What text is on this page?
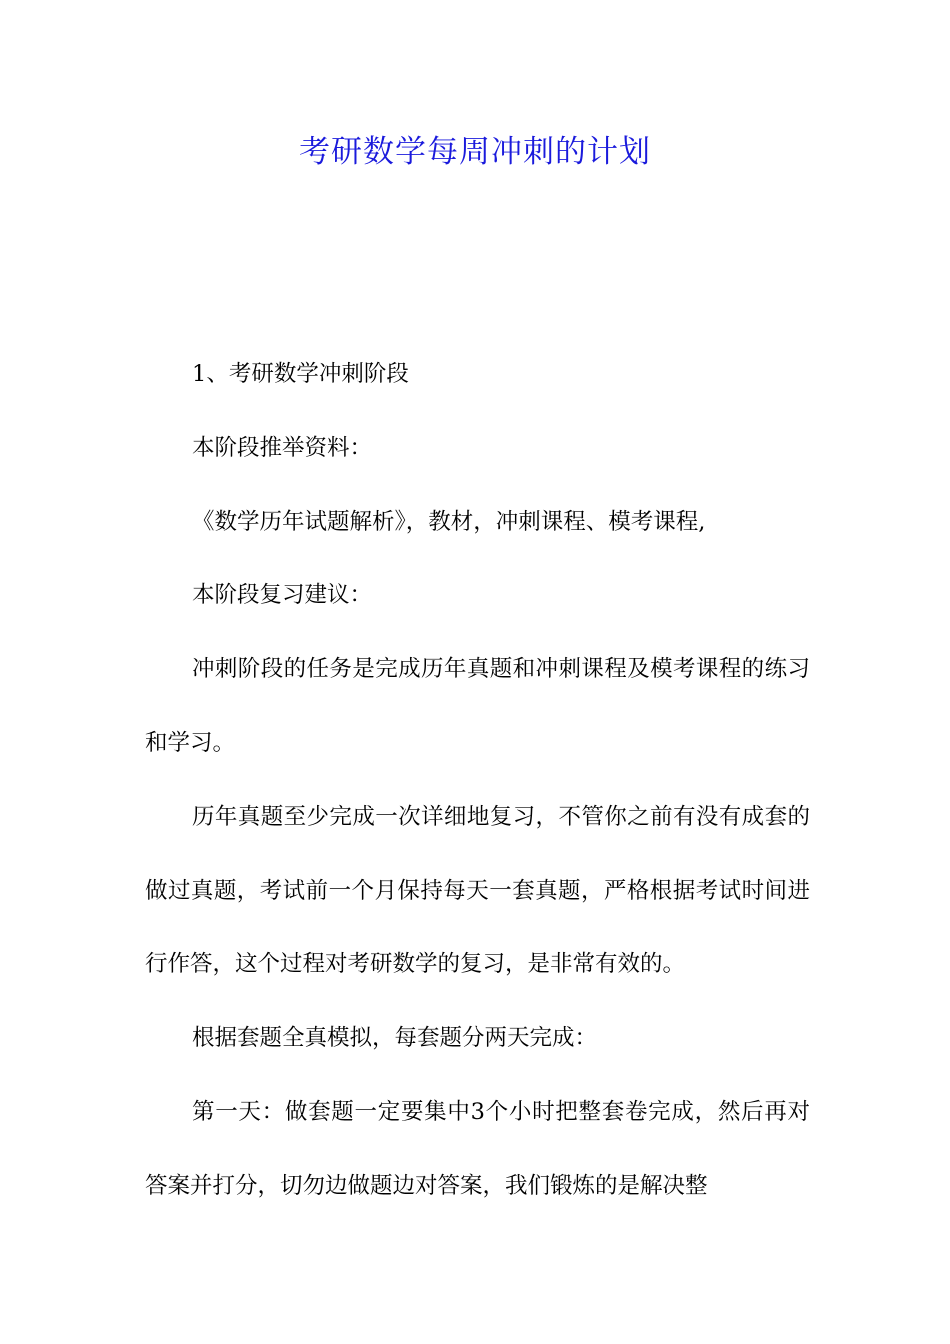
考研数学每周冲刺的计划

1、考研数学冲刺阶段

本阶段推举资料：

《数学历年试题解析》，教材，冲刺课程、模考课程,

本阶段复习建议：

冲刺阶段的任务是完成历年真题和冲刺课程及模考课程的练习和学习。

历年真题至少完成一次详细地复习，不管你之前有没有成套的做过真题，考试前一个月保持每天一套真题，严格根据考试时间进行作答，这个过程对考研数学的复习，是非常有效的。

根据套题全真模拟，每套题分两天完成：

第一天：做套题一定要集中3个小时把整套卷完成，然后再对答案并打分，切勿边做题边对答案，我们锻炼的是解决整
